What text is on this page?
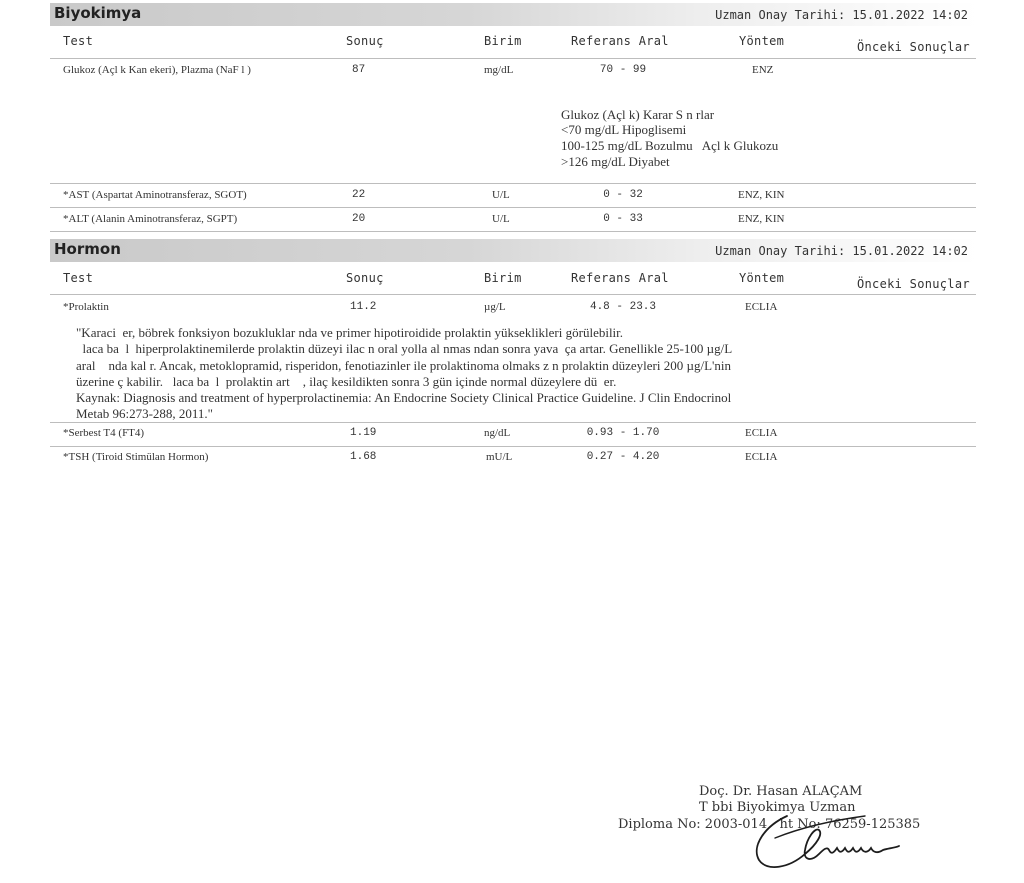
Biyokimya	Uzman Onay Tarihi: 15.01.2022 14:02
Test	Sonuç	Birim	Referans Aral	Yöntem	Önceki Sonuçlar
Glukoz (Açl k Kan ekeri), Plazma (NaF l )	87	mg/dL	70 - 99	ENZ
Glukoz (Açl k) Karar S n rlar
<70 mg/dL Hipoglisemi
100-125 mg/dL Bozulmu   Açl k Glukozu
>126 mg/dL Diyabet
*AST (Aspartat Aminotransferaz, SGOT)	22	U/L	0 - 32	ENZ, KIN
*ALT (Alanin Aminotransferaz, SGPT)	20	U/L	0 - 33	ENZ, KIN
Hormon	Uzman Onay Tarihi: 15.01.2022 14:02
Test	Sonuç	Birim	Referans Aral	Yöntem	Önceki Sonuçlar
*Prolaktin	11.2	µg/L	4.8 - 23.3	ECLIA
"Karaci  er, böbrek fonksiyon bozukluklar nda ve primer hipotiroidide prolaktin yükseklikleri görülebilir.
laca ba  l  hiperprolaktinemilerde prolaktin düzeyi ilac n oral yolla al nmas ndan sonra yava  ça artar. Genellikle 25-100 µg/L
aral    nda kal r. Ancak, metoklopramid, risperidon, fenotiazinler ile prolaktinoma olmaks z n prolaktin düzeyleri 200 µg/L'nin
üzerine ç kabilir.   laca ba  l  prolaktin art    , ilaç kesildikten sonra 3 gün içinde normal düzeylere dü  er.
Kaynak: Diagnosis and treatment of hyperprolactinemia: An Endocrine Society Clinical Practice Guideline. J Clin Endocrinol
Metab 96:273-288, 2011."
*Serbest T4 (FT4)	1.19	ng/dL	0.93 - 1.70	ECLIA
*TSH (Tiroid Stimülan Hormon)	1.68	mU/L	0.27 - 4.20	ECLIA
Doç. Dr. Hasan ALAÇAM
T bbi Biyokimya Uzman
Diploma No: 2003-014   ht No: 76259-125385
